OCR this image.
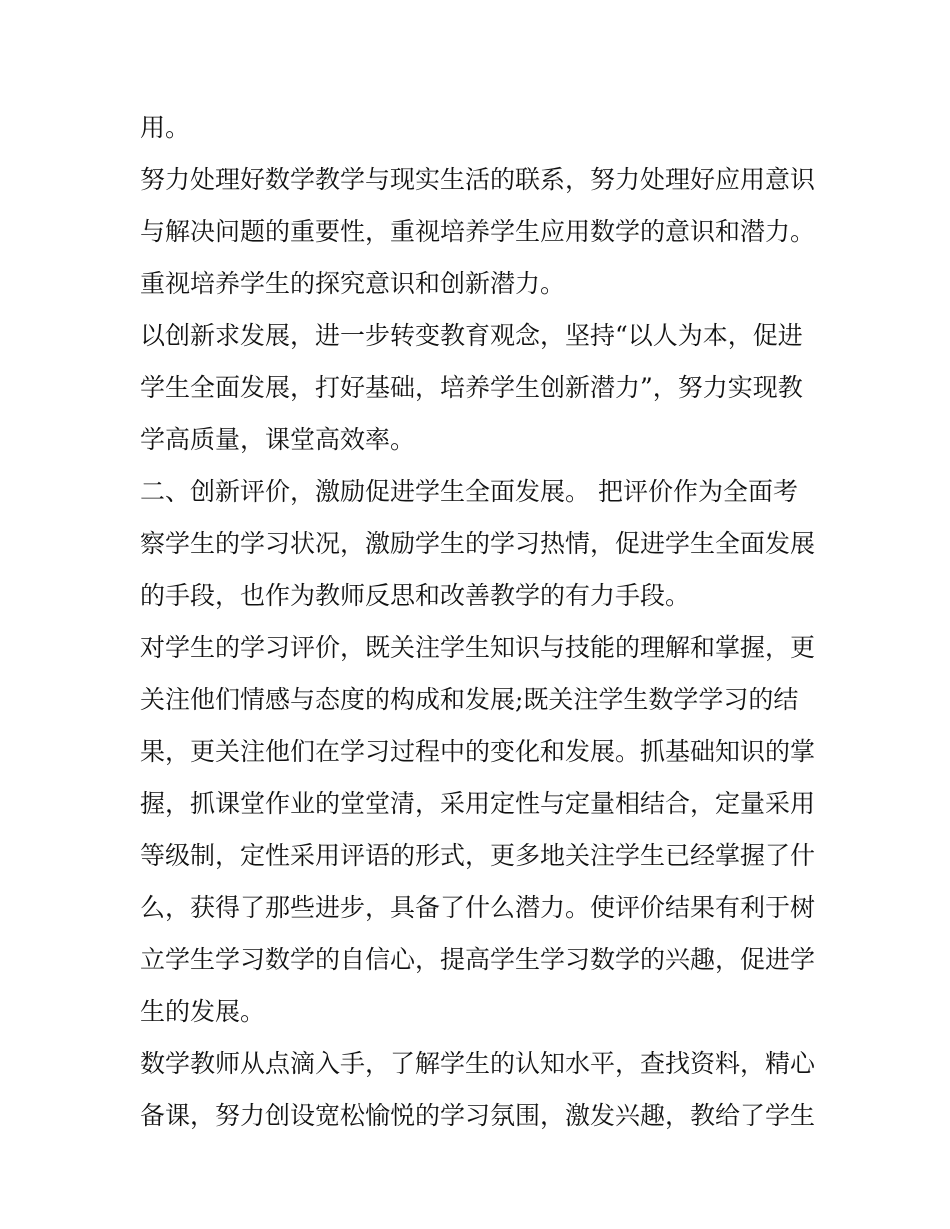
用。
努力处理好数学教学与现实生活的联系，努力处理好应用意识
与解决问题的重要性，重视培养学生应用数学的意识和潜力。
重视培养学生的探究意识和创新潜力。
以创新求发展，进一步转变教育观念，坚持“以人为本，促进
学生全面发展，打好基础，培养学生创新潜力”，努力实现教
学高质量，课堂高效率。
二、创新评价，激励促进学生全面发展。 把评价作为全面考
察学生的学习状况，激励学生的学习热情，促进学生全面发展
的手段，也作为教师反思和改善教学的有力手段。
对学生的学习评价，既关注学生知识与技能的理解和掌握，更
关注他们情感与态度的构成和发展;既关注学生数学学习的结
果，更关注他们在学习过程中的变化和发展。抓基础知识的掌
握，抓课堂作业的堂堂清，采用定性与定量相结合，定量采用
等级制，定性采用评语的形式，更多地关注学生已经掌握了什
么，获得了那些进步，具备了什么潜力。使评价结果有利于树
立学生学习数学的自信心，提高学生学习数学的兴趣，促进学
生的发展。
数学教师从点滴入手，了解学生的认知水平，查找资料，精心
备课，努力创设宽松愉悦的学习氛围，激发兴趣，教给了学生
